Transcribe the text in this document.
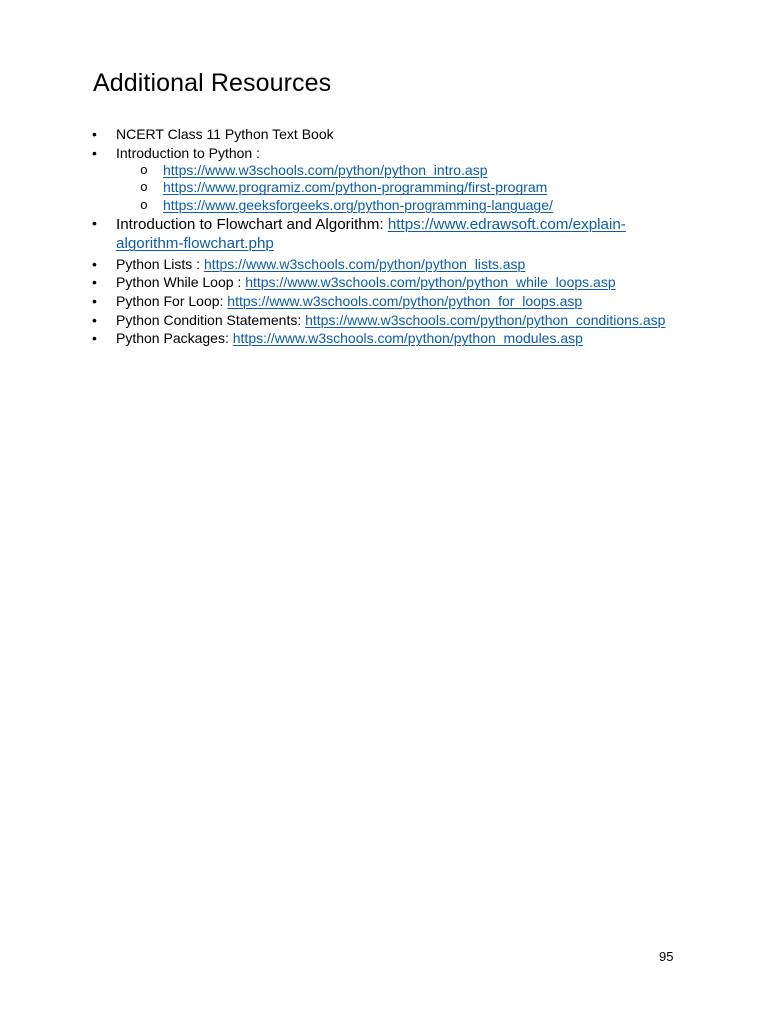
Additional Resources
• NCERT Class 11 Python Text Book
• Introduction to Python :
o https://www.w3schools.com/python/python_intro.asp
o https://www.programiz.com/python-programming/first-program
o https://www.geeksforgeeks.org/python-programming-language/
• Introduction to Flowchart and Algorithm: https://www.edrawsoft.com/explain-
algorithm-flowchart.php
• Python Lists : https://www.w3schools.com/python/python_lists.asp
• Python While Loop : https://www.w3schools.com/python/python_while_loops.asp
• Python For Loop: https://www.w3schools.com/python/python_for_loops.asp
• Python Condition Statements: https://www.w3schools.com/python/python_conditions.asp
• Python Packages: https://www.w3schools.com/python/python_modules.asp
95
